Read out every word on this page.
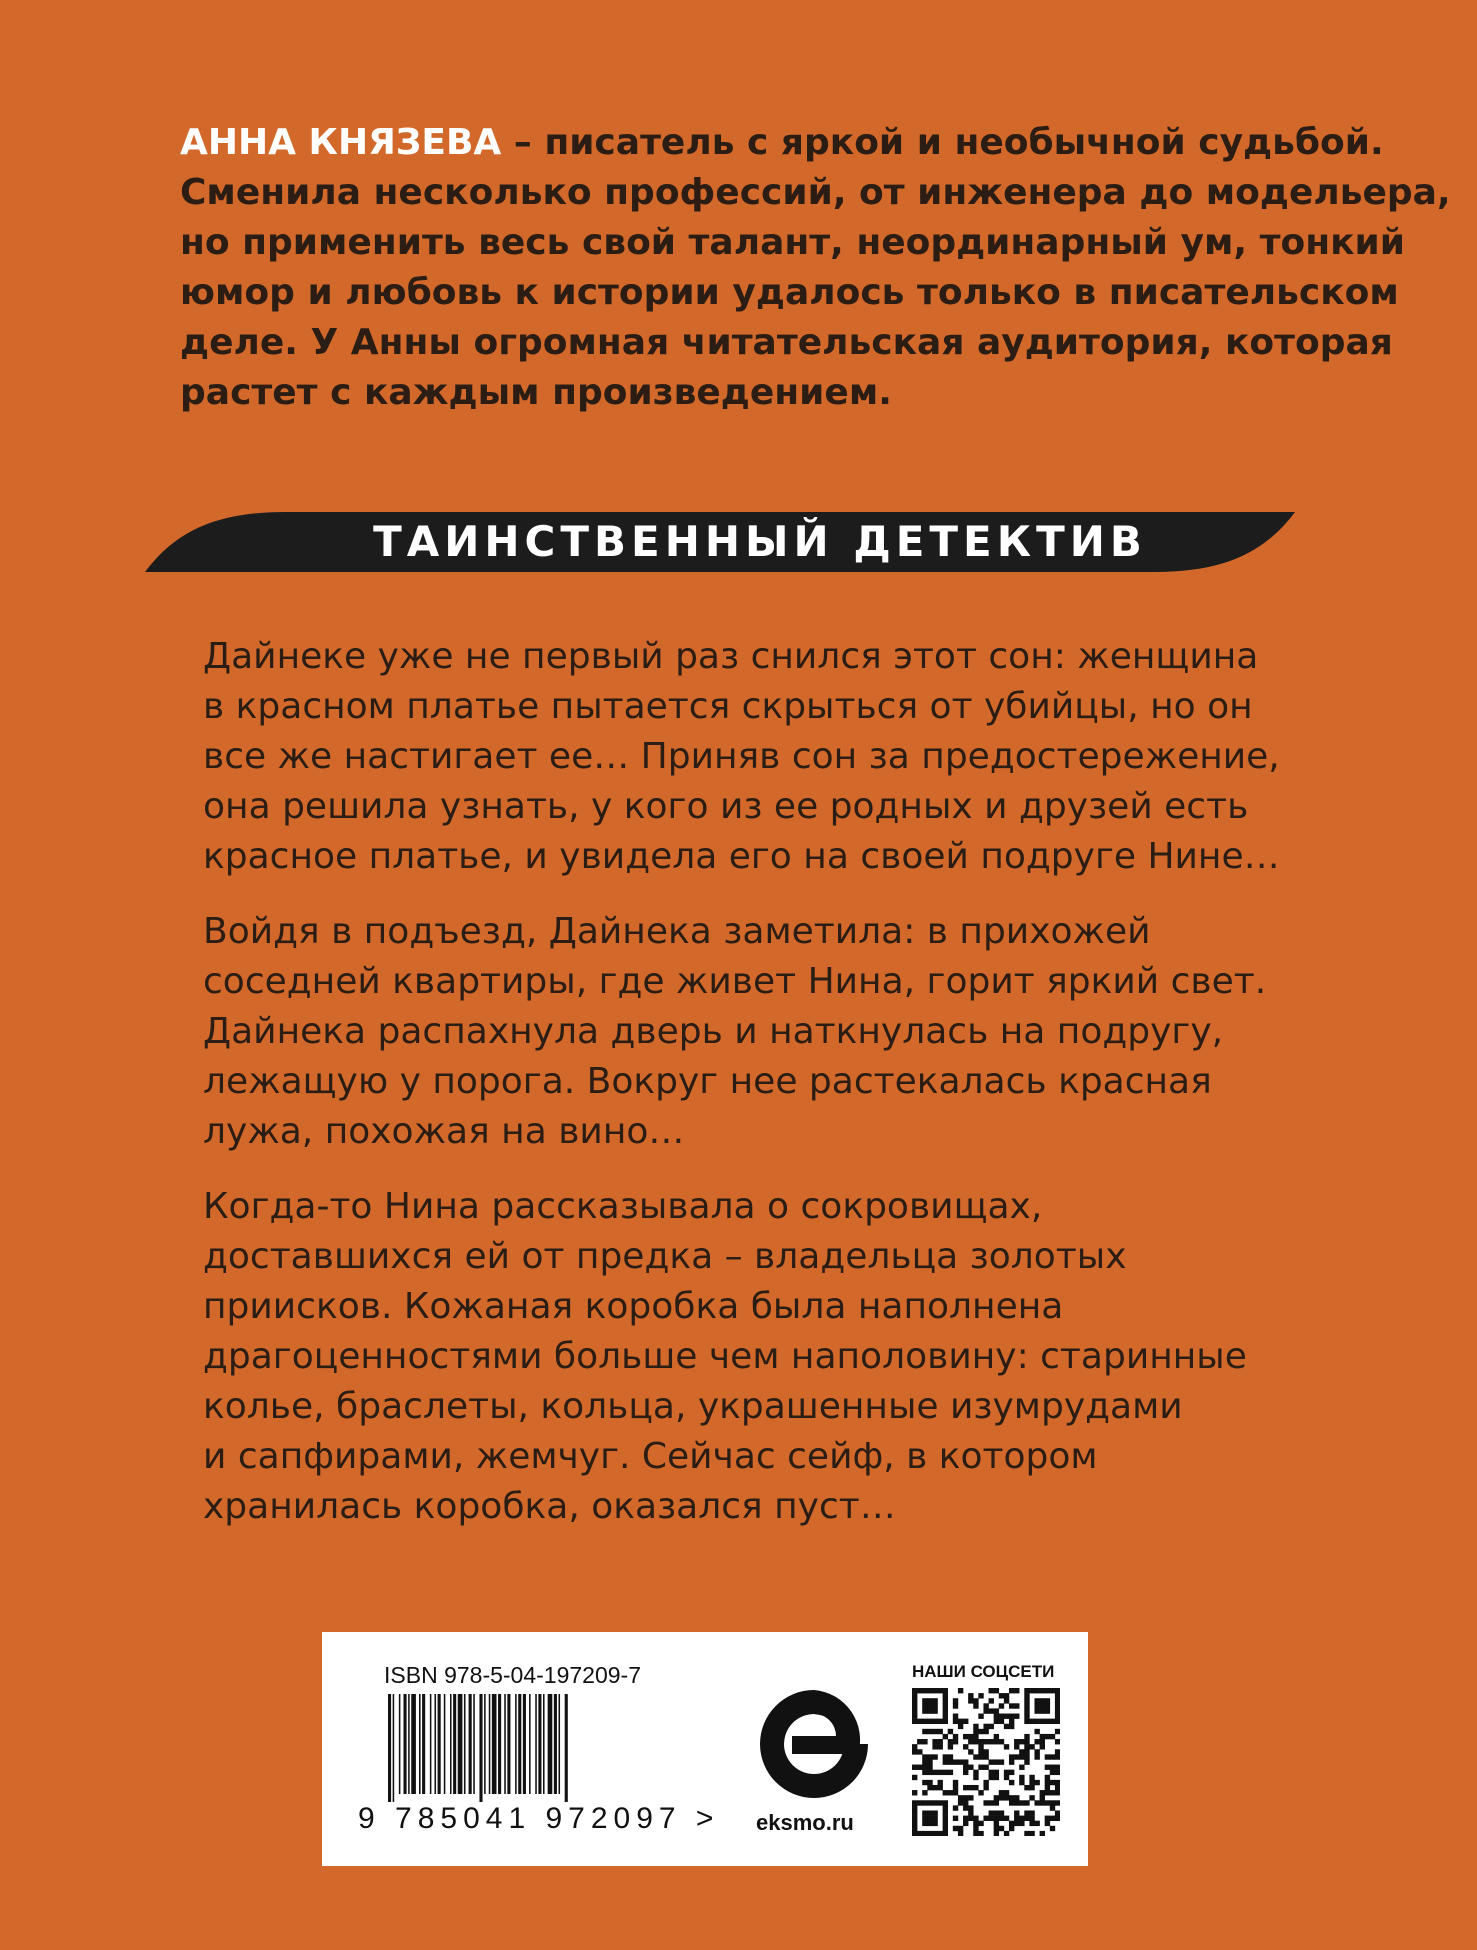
АННА КНЯЗЕВА – писатель с яркой и необычной судьбой.
Сменила несколько профессий, от инженера до модельера,
но применить весь свой талант, неординарный ум, тонкий
юмор и любовь к истории удалось только в писательском
деле. У Анны огромная читательская аудитория, которая
растет с каждым произведением.

ТАИНСТВЕННЫЙ ДЕТЕКТИВ

Дайнеке уже не первый раз снился этот сон: женщина
в красном платье пытается скрыться от убийцы, но он
все же настигает ее… Приняв сон за предостережение,
она решила узнать, у кого из ее родных и друзей есть
красное платье, и увидела его на своей подруге Нине…

Войдя в подъезд, Дайнека заметила: в прихожей
соседней квартиры, где живет Нина, горит яркий свет.
Дайнека распахнула дверь и наткнулась на подругу,
лежащую у порога. Вокруг нее растекалась красная
лужа, похожая на вино…

Когда-то Нина рассказывала о сокровищах,
доставшихся ей от предка – владельца золотых
приисков. Кожаная коробка была наполнена
драгоценностями больше чем наполовину: старинные
колье, браслеты, кольца, украшенные изумрудами
и сапфирами, жемчуг. Сейчас сейф, в котором
хранилась коробка, оказался пуст…

ISBN 978-5-04-197209-7
9 785041 972097 > eksmo.ru
НАШИ СОЦСЕТИ
